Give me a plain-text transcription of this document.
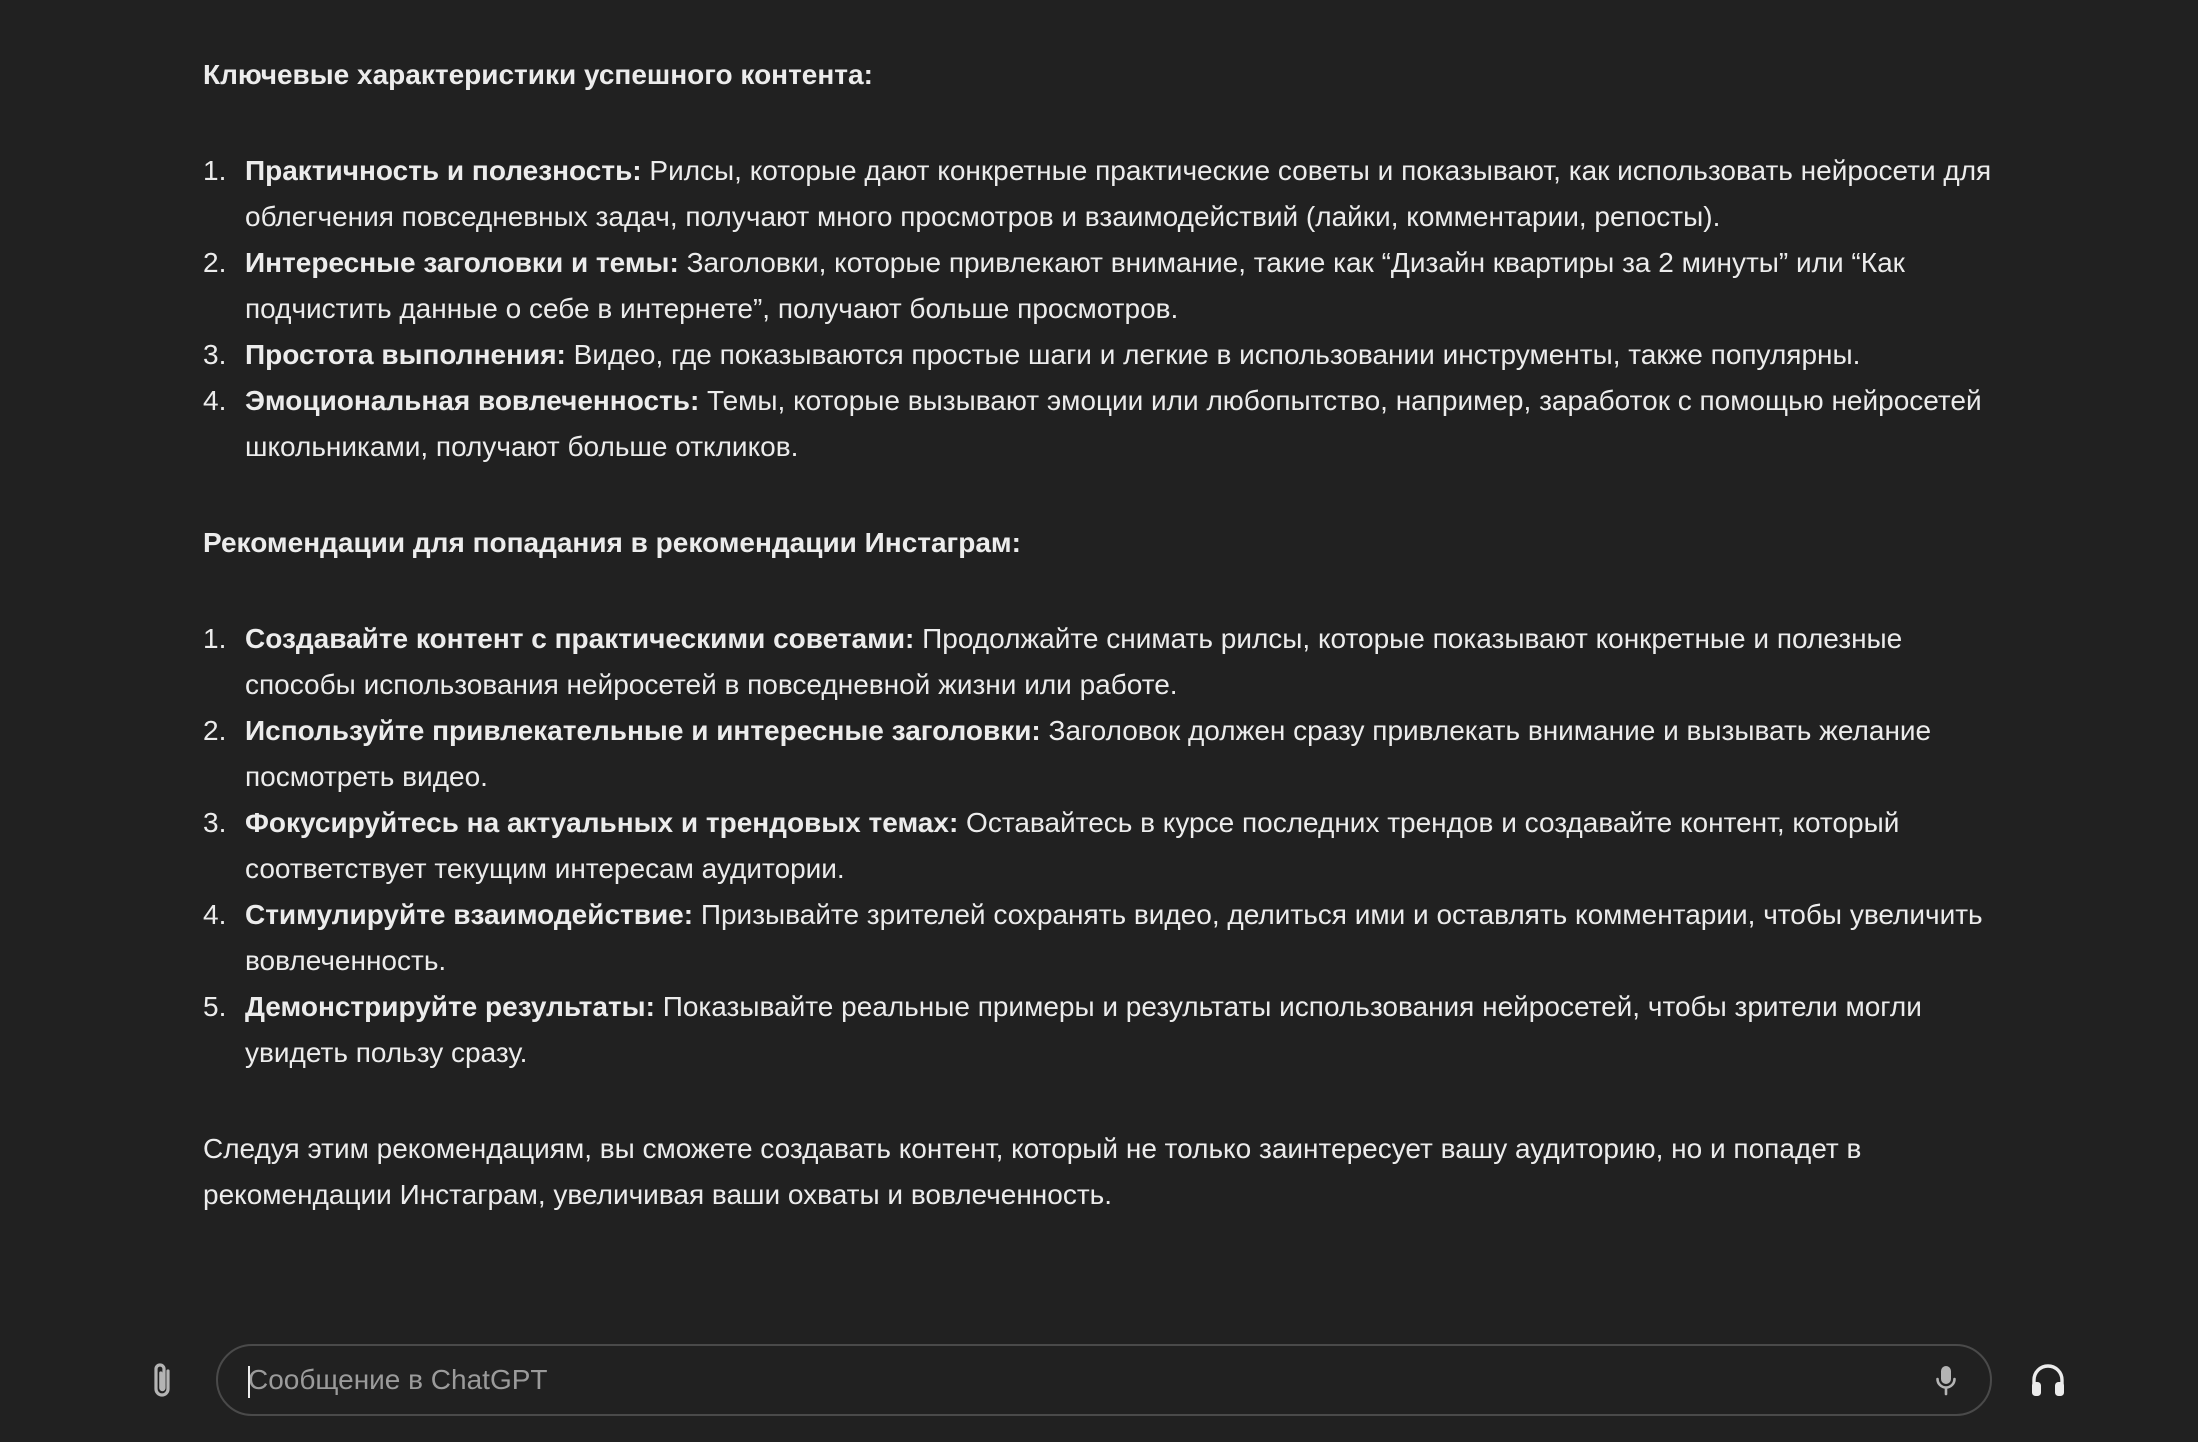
Ключевые характеристики успешного контента:

1. Практичность и полезность: Рилсы, которые дают конкретные практические советы и показывают, как использовать нейросети для облегчения повседневных задач, получают много просмотров и взаимодействий (лайки, комментарии, репосты).
2. Интересные заголовки и темы: Заголовки, которые привлекают внимание, такие как “Дизайн квартиры за 2 минуты” или “Как подчистить данные о себе в интернете”, получают больше просмотров.
3. Простота выполнения: Видео, где показываются простые шаги и легкие в использовании инструменты, также популярны.
4. Эмоциональная вовлеченность: Темы, которые вызывают эмоции или любопытство, например, заработок с помощью нейросетей школьниками, получают больше откликов.

Рекомендации для попадания в рекомендации Инстаграм:

1. Создавайте контент с практическими советами: Продолжайте снимать рилсы, которые показывают конкретные и полезные способы использования нейросетей в повседневной жизни или работе.
2. Используйте привлекательные и интересные заголовки: Заголовок должен сразу привлекать внимание и вызывать желание посмотреть видео.
3. Фокусируйтесь на актуальных и трендовых темах: Оставайтесь в курсе последних трендов и создавайте контент, который соответствует текущим интересам аудитории.
4. Стимулируйте взаимодействие: Призывайте зрителей сохранять видео, делиться ими и оставлять комментарии, чтобы увеличить вовлеченность.
5. Демонстрируйте результаты: Показывайте реальные примеры и результаты использования нейросетей, чтобы зрители могли увидеть пользу сразу.

Следуя этим рекомендациям, вы сможете создавать контент, который не только заинтересует вашу аудиторию, но и попадет в рекомендации Инстаграм, увеличивая ваши охваты и вовлеченность.

Сообщение в ChatGPT
